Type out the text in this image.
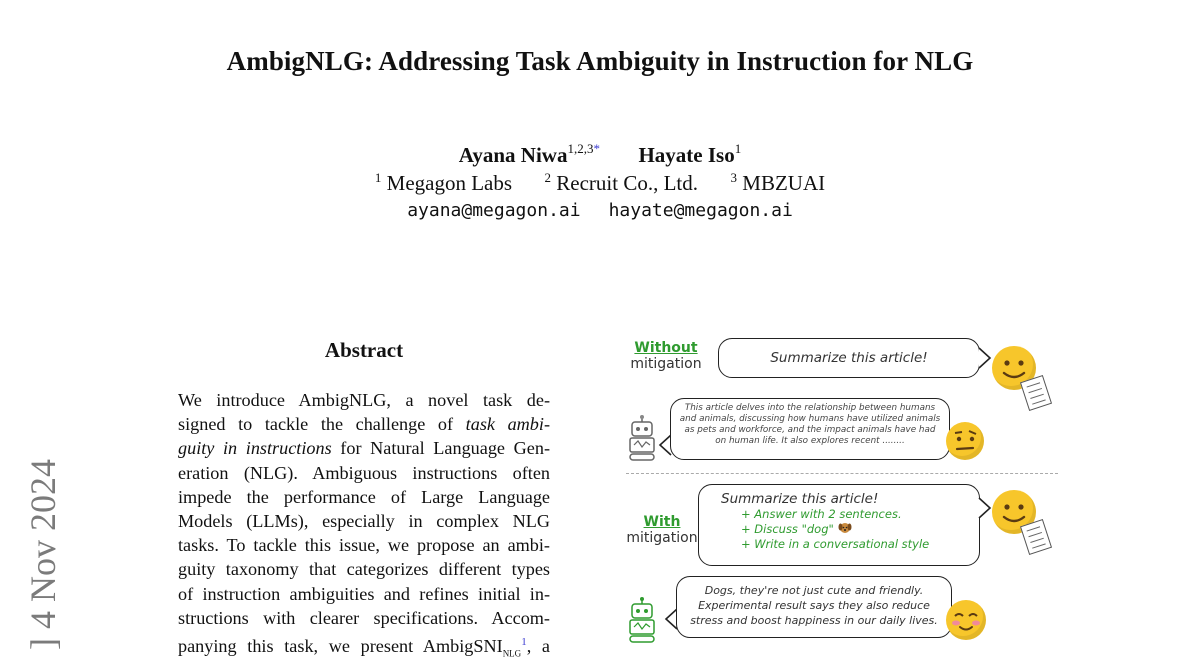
AmbigNLG: Addressing Task Ambiguity in Instruction for NLG
Ayana Niwa$^{1,2,3*}$ Hayate Iso$^1$
$^1$ Megagon Labs	$^2$ Recruit Co., Ltd.	$^3$ MBZUAI
ayana@megagon.ai hayate@megagon.ai
] 4 Nov 2024
Abstract
We introduce AmbigNLG, a novel task de-
signed to tackle the challenge of task ambi-
guity in instructions for Natural Language Gen-
eration (NLG). Ambiguous instructions often
impede the performance of Large Language
Models (LLMs), especially in complex NLG
tasks. To tackle this issue, we propose an ambi-
guity taxonomy that categorizes different types
of instruction ambiguities and refines initial in-
structions with clearer specifications. Accom-
panying this task, we present AmbigSNI$_{NLG}^1$, a
Without
mitigation	Summarize this article!
This article delves into the relationship between humans and animals, discussing how humans have utilized animals as pets and workforce, and the impact animals have had on human life. It also explores recent ........
With
mitigation
Summarize this article!
+ Answer with 2 sentences.
+ Discuss "dog"
+ Write in a conversational style
Dogs, they're not just cute and friendly. Experimental result says they also reduce stress and boost happiness in our daily lives.
